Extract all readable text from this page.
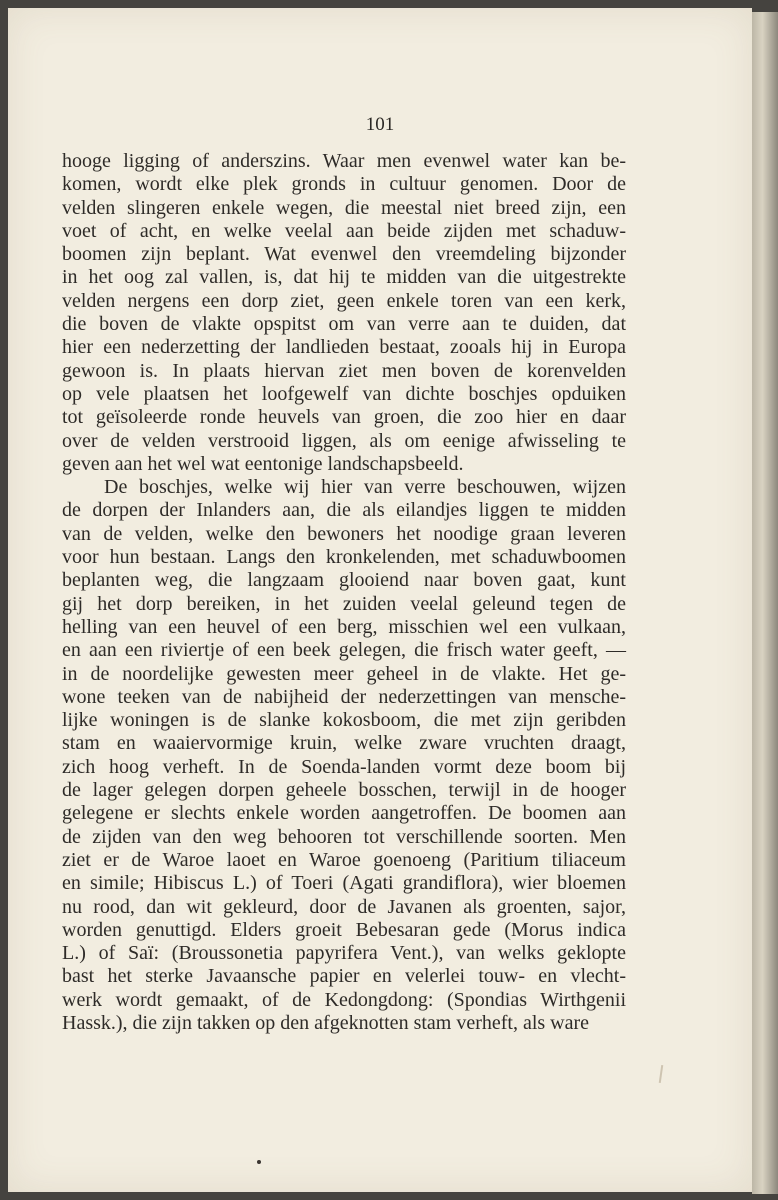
101
hooge ligging of anderszins. Waar men evenwel water kan be-
komen, wordt elke plek gronds in cultuur genomen. Door de
velden slingeren enkele wegen, die meestal niet breed zijn, een
voet of acht, en welke veelal aan beide zijden met schaduw-
boomen zijn beplant. Wat evenwel den vreemdeling bijzonder
in het oog zal vallen, is, dat hij te midden van die uitgestrekte
velden nergens een dorp ziet, geen enkele toren van een kerk,
die boven de vlakte opspitst om van verre aan te duiden, dat
hier een nederzetting der landlieden bestaat, zooals hij in Europa
gewoon is. In plaats hiervan ziet men boven de korenvelden
op vele plaatsen het loofgewelf van dichte boschjes opduiken
tot geïsoleerde ronde heuvels van groen, die zoo hier en daar
over de velden verstrooid liggen, als om eenige afwisseling te
geven aan het wel wat eentonige landschapsbeeld.
De boschjes, welke wij hier van verre beschouwen, wijzen
de dorpen der Inlanders aan, die als eilandjes liggen te midden
van de velden, welke den bewoners het noodige graan leveren
voor hun bestaan. Langs den kronkelenden, met schaduwboomen
beplanten weg, die langzaam glooiend naar boven gaat, kunt
gij het dorp bereiken, in het zuiden veelal geleund tegen de
helling van een heuvel of een berg, misschien wel een vulkaan,
en aan een riviertje of een beek gelegen, die frisch water geeft, —
in de noordelijke gewesten meer geheel in de vlakte. Het ge-
wone teeken van de nabijheid der nederzettingen van mensche-
lijke woningen is de slanke kokosboom, die met zijn geribden
stam en waaiervormige kruin, welke zware vruchten draagt,
zich hoog verheft. In de Soenda-landen vormt deze boom bij
de lager gelegen dorpen geheele bosschen, terwijl in de hooger
gelegene er slechts enkele worden aangetroffen. De boomen aan
de zijden van den weg behooren tot verschillende soorten. Men
ziet er de Waroe laoet en Waroe goenoeng (Paritium tiliaceum
en simile; Hibiscus L.) of Toeri (Agati grandiflora), wier bloemen
nu rood, dan wit gekleurd, door de Javanen als groenten, sajor,
worden genuttigd. Elders groeit Bebesaran gede (Morus indica
L.) of Saï: (Broussonetia papyrifera Vent.), van welks geklopte
bast het sterke Javaansche papier en velerlei touw- en vlecht-
werk wordt gemaakt, of de Kedongdong: (Spondias Wirthgenii
Hassk.), die zijn takken op den afgeknotten stam verheft, als ware
